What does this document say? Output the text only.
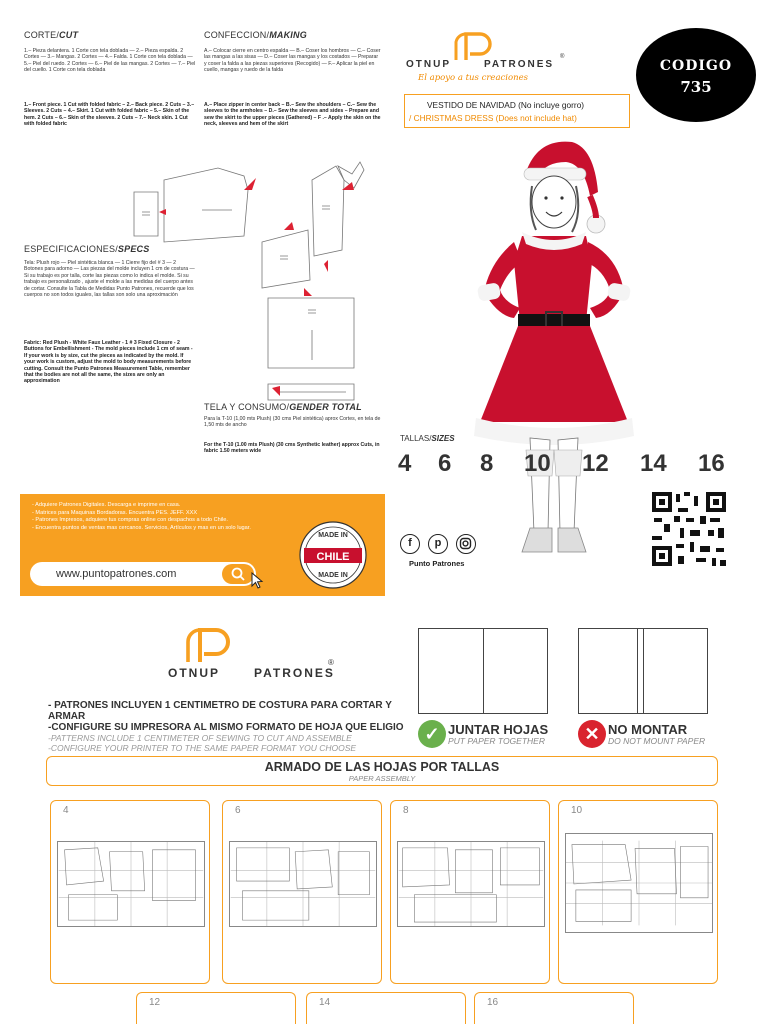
CORTE/CUT
1.– Pieza delantera. 1 Corte con tela doblada — 2.– Pieza espalda. 2 Cortes — 3.– Mangas. 2 Cortes — 4.– Falda. 1 Corte con tela doblada — 5.– Piel del ruedo. 2 Cortes — 6.– Piel de las mangas. 2 Cortes — 7.– Piel del cuello. 1 Corte con tela doblada
1.– Front piece. 1 Cut with folded fabric – 2.– Back piece. 2 Cuts – 3.– Sleeves. 2 Cuts – 4.– Skirt. 1 Cut with folded fabric – 5.– Skin of the hem. 2 Cuts – 6.– Skin of the sleeves. 2 Cuts – 7.– Neck skin. 1 Cut with folded fabric
CONFECCION/MAKING
A.– Colocar cierre en centro espalda — B.– Coser los hombros — C.– Coser las mangas a las sisas — D.– Coser las mangas y los costados — Preparar y coser la falda a las piezas superiores (Recogido) — F.– Aplicar la piel en cuello, mangas y ruedo de la falda
A.– Place zipper in center back – B.– Sew the shoulders – C.– Sew the sleeves to the armholes – D.– Sew the sleeves and sides – Prepare and sew the skirt to the upper pieces (Gathered) – F .– Apply the skin on the neck, sleeves and hem of the skirt
ESPECIFICACIONES/SPECS
Tela: Plush rojo — Piel sintética blanca — 1 Cierre fijo del # 3 — 2 Botones para adorno — Las piezas del molde incluyen 1 cm de costura — Si su trabajo es por talla, corte las piezas como lo indica el molde. Si su trabajo es personalizado , ajuste el molde a las medidas del cuerpo antes de cortar. Consulte la Tabla de Medidas Punto Patrones, recuerde que los cuerpos no son todos iguales, las tallas son solo una aproximación
Fabric: Red Plush - White Faux Leather - 1 # 3 Fixed Closure - 2 Buttons for Embellishment - The mold pieces include 1 cm of seam - If your work is by size, cut the pieces as indicated by the mold. If your work is custom, adjust the mold to body measurements before cutting. Consult the Punto Patrones Measurement Table, remember that the bodies are not all the same, the sizes are only an approximation
TELA Y CONSUMO/GENDER TOTAL
Para la T-10 (1,00 mts Plush) (30 cms Piel sintética) aprox Cortes, en tela de 1,50 mts de ancho
For the T-10 (1.00 mts Plush) (30 cms Synthetic leather) approx Cuts, in fabric 1.50 meters wide
- Adquiere Patrones Digitales. Descarga e imprime en casa.
- Matrices para Maquinas Bordadoras. Encuentra PES. JEFF. XXX
- Patrones Impresos, adquiere tus compras online con despachos a todo Chile.
- Encuentra puntos de ventas mas cercanos. Servicios, Artículos y mas en un solo lugar.
www.puntopatrones.com
MADE IN
CHILE
MADE IN
OTNUP	PATRONES
®
El apoyo a tus creaciones
CODIGO
735
VESTIDO DE NAVIDAD (No incluye gorro)
/ CHRISTMAS DRESS (Does not include hat)
TALLAS/SIZES
4 6 8 10 12 14 16
f	p
Punto Patrones
OTNUP	PATRONES
®
- PATRONES INCLUYEN 1 CENTIMETRO DE COSTURA PARA CORTAR Y ARMAR
-CONFIGURE SU IMPRESORA AL MISMO FORMATO DE HOJA QUE ELIGIO
-PATTERNS INCLUDE 1 CENTIMETER OF SEWING TO CUT AND ASSEMBLE
-CONFIGURE YOUR PRINTER TO THE SAME PAPER FORMAT YOU CHOOSE
✓ JUNTAR HOJAS
PUT PAPER TOGETHER	✕ NO MONTAR
DO NOT MOUNT PAPER
ARMADO DE LAS HOJAS POR TALLAS
PAPER ASSEMBLY
4	6	8	10
12	14	16
